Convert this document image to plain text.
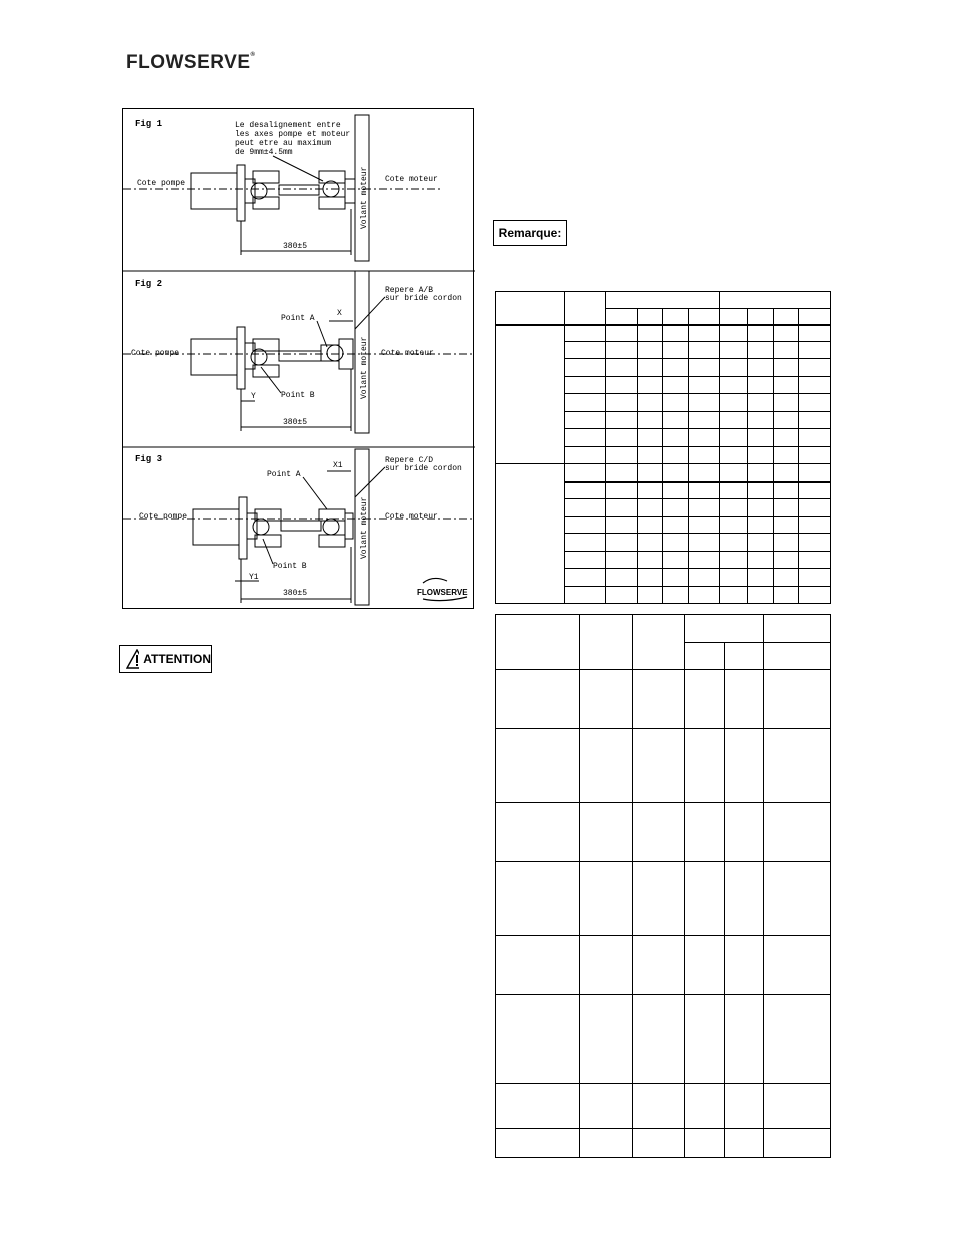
FLOWSERVE®
Fig 1	Le desalignement entre
les axes pompe et moteur
peut etre au maximum
de 9mm±4.5mm
Cote pompe	Cote moteur
Volant moteur
380±5
Fig 2
Repere A/B
sur bride cordon
Point A
X
Cote pompe	Cote moteur
Volant moteur
Point B
380±5
Y
Fig 3	Repere C/D
sur bride cordon
Point A
X1
Cote pompe	Cote moteur
Volant moteur
Point B
380±5
Y1
FLOWSERVE
ATTENTION
Remarque:
